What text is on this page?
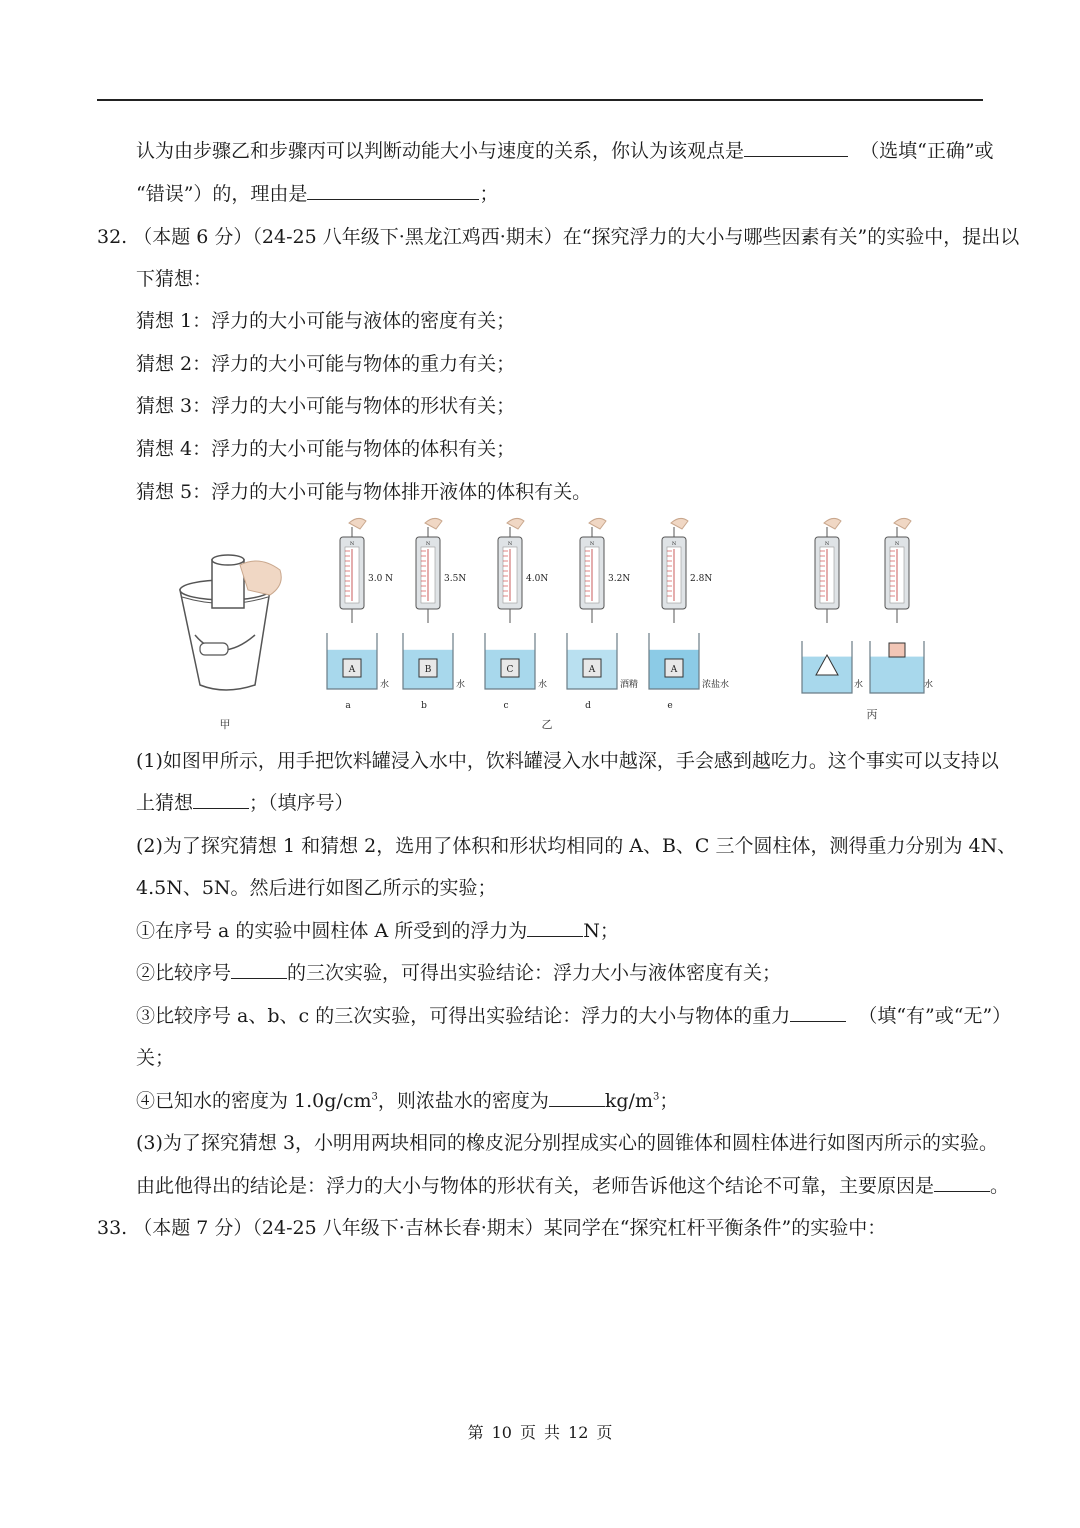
认为由步骤乙和步骤丙可以判断动能大小与速度的关系，你认为该观点是	（选填“正确”或
“错误”）的，理由是	；
32. （本题 6 分）（24-25 八年级下·黑龙江鸡西·期末）在“探究浮力的大小与哪些因素有关”的实验中，提出以
下猜想：
猜想 1：浮力的大小可能与液体的密度有关；
猜想 2：浮力的大小可能与物体的重力有关；
猜想 3：浮力的大小可能与物体的形状有关；
猜想 4：浮力的大小可能与物体的体积有关；
猜想 5：浮力的大小可能与物体排开液体的体积有关。
甲
N
3.0 N
A
水
a
N
3.5N
B
水
b
N
4.0N
C
水
c
N
3.2N
A
酒精
d
N
2.8N
A
浓盐水
e
N
水
N
水
乙
丙
(1)如图甲所示，用手把饮料罐浸入水中，饮料罐浸入水中越深，手会感到越吃力。这个事实可以支持以
上猜想	；（填序号）
(2)为了探究猜想 1 和猜想 2，选用了体积和形状均相同的 A、B、C 三个圆柱体，测得重力分别为 4N、
4.5N、5N。然后进行如图乙所示的实验；
①在序号 a 的实验中圆柱体 A 所受到的浮力为	N；
②比较序号	的三次实验，可得出实验结论：浮力大小与液体密度有关；
③比较序号 a、b、c 的三次实验，可得出实验结论：浮力的大小与物体的重力	（填“有”或“无”）
关；
④已知水的密度为 $1.0g/cm^3$，则浓盐水的密度为	$kg/m^3$；
(3)为了探究猜想 3，小明用两块相同的橡皮泥分别捏成实心的圆锥体和圆柱体进行如图丙所示的实验。
由此他得出的结论是：浮力的大小与物体的形状有关，老师告诉他这个结论不可靠，主要原因是	。
33. （本题 7 分）（24-25 八年级下·吉林长春·期末）某同学在“探究杠杆平衡条件”的实验中：
第 10 页 共 12 页
